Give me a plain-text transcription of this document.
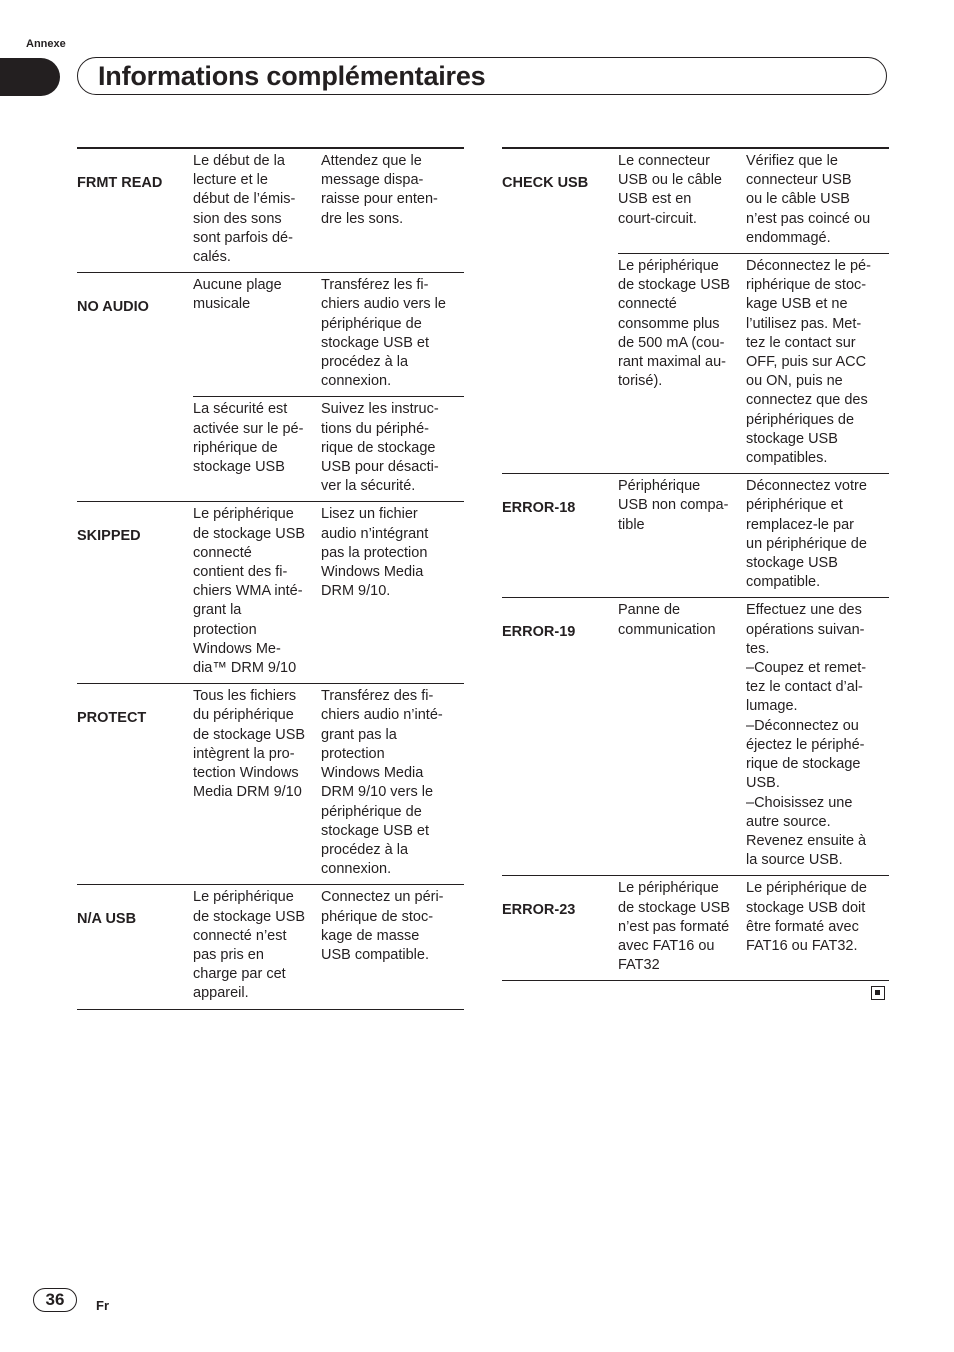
Annexe
Informations complémentaires
FRMT READ
Le début de la
lecture et le
début de l’émis-
sion des sons
sont parfois dé-
calés.
Attendez que le
message dispa-
raisse pour enten-
dre les sons.
NO AUDIO
Aucune plage
musicale
Transférez les fi-
chiers audio vers le
périphérique de
stockage USB et
procédez à la
connexion.
La sécurité est
activée sur le pé-
riphérique de
stockage USB
Suivez les instruc-
tions du périphé-
rique de stockage
USB pour désacti-
ver la sécurité.
SKIPPED
Le périphérique
de stockage USB
connecté
contient des fi-
chiers WMA inté-
grant la
protection
Windows Me-
dia™ DRM 9/10
Lisez un fichier
audio n’intégrant
pas la protection
Windows Media
DRM 9/10.
PROTECT
Tous les fichiers
du périphérique
de stockage USB
intègrent la pro-
tection Windows
Media DRM 9/10
Transférez des fi-
chiers audio n’inté-
grant pas la
protection
Windows Media
DRM 9/10 vers le
périphérique de
stockage USB et
procédez à la
connexion.
N/A USB
Le périphérique
de stockage USB
connecté n’est
pas pris en
charge par cet
appareil.
Connectez un péri-
phérique de stoc-
kage de masse
USB compatible.
CHECK USB
Le connecteur
USB ou le câble
USB est en
court-circuit.
Vérifiez que le
connecteur USB
ou le câble USB
n’est pas coincé ou
endommagé.
Le périphérique
de stockage USB
connecté
consomme plus
de 500 mA (cou-
rant maximal au-
torisé).
Déconnectez le pé-
riphérique de stoc-
kage USB et ne
l’utilisez pas. Met-
tez le contact sur
OFF, puis sur ACC
ou ON, puis ne
connectez que des
périphériques de
stockage USB
compatibles.
ERROR-18
Périphérique
USB non compa-
tible
Déconnectez votre
périphérique et
remplacez-le par
un périphérique de
stockage USB
compatible.
ERROR-19
Panne de
communication
Effectuez une des
opérations suivan-
tes.
–Coupez et remet-
tez le contact d’al-
lumage.
–Déconnectez ou
éjectez le périphé-
rique de stockage
USB.
–Choisissez une
autre source.
Revenez ensuite à
la source USB.
ERROR-23
Le périphérique
de stockage USB
n’est pas formaté
avec FAT16 ou
FAT32
Le périphérique de
stockage USB doit
être formaté avec
FAT16 ou FAT32.
36	Fr
